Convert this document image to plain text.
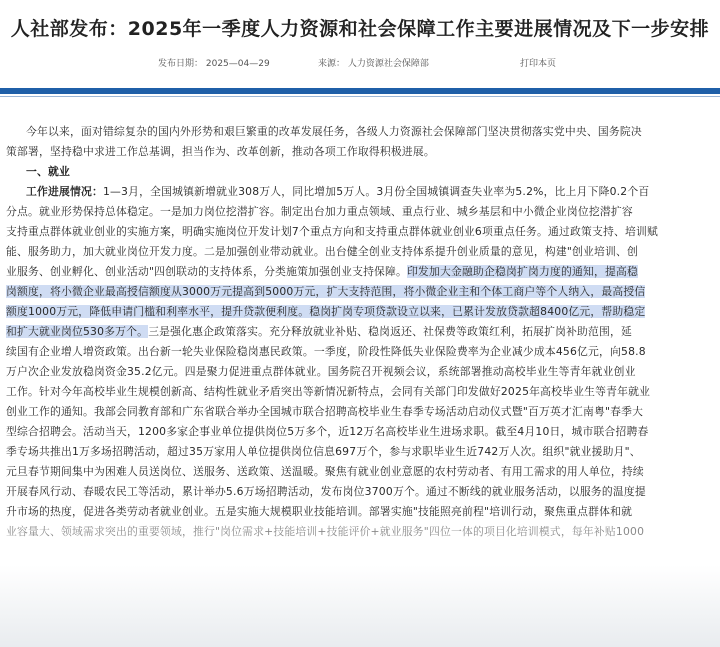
人社部发布：2025年一季度人力资源和社会保障工作主要进展情况及下一步安排
发布日期： 2025—04—29	来源： 人力资源社会保障部	打印本页
今年以来，面对错综复杂的国内外形势和艰巨繁重的改革发展任务，各级人力资源社会保障部门坚决贯彻落实党中央、国务院决
策部署，坚持稳中求进工作总基调，担当作为、改革创新，推动各项工作取得积极进展。
一、就业
工作进展情况：1—3月，全国城镇新增就业308万人，同比增加5万人。3月份全国城镇调查失业率为5.2%，比上月下降0.2个百
分点。就业形势保持总体稳定。一是加力岗位挖潜扩容。制定出台加力重点领域、重点行业、城乡基层和中小微企业岗位挖潜扩容
支持重点群体就业创业的实施方案，明确实施岗位开发计划7个重点方向和支持重点群体就业创业6项重点任务。通过政策支持、培训赋
能、服务助力，加大就业岗位开发力度。二是加强创业带动就业。出台健全创业支持体系提升创业质量的意见，构建"创业培训、创
业服务、创业孵化、创业活动"四创联动的支持体系，分类施策加强创业支持保障。印发加大金融助企稳岗扩岗力度的通知，提高稳
岗额度，将小微企业最高授信额度从3000万元提高到5000万元，扩大支持范围，将小微企业主和个体工商户等个人纳入，最高授信
额度1000万元，降低申请门槛和利率水平，提升贷款便利度。稳岗扩岗专项贷款设立以来，已累计发放贷款超8400亿元，帮助稳定
和扩大就业岗位530多万个。三是强化惠企政策落实。充分释放就业补贴、稳岗返还、社保费等政策红利，拓展扩岗补助范围，延
续国有企业增人增资政策。出台新一轮失业保险稳岗惠民政策。一季度，阶段性降低失业保险费率为企业减少成本456亿元，向58.8
万户次企业发放稳岗资金35.2亿元。四是聚力促进重点群体就业。国务院召开视频会议，系统部署推动高校毕业生等青年就业创业
工作。针对今年高校毕业生规模创新高、结构性就业矛盾突出等新情况新特点，会同有关部门印发做好2025年高校毕业生等青年就业
创业工作的通知。我部会同教育部和广东省联合举办全国城市联合招聘高校毕业生春季专场活动启动仪式暨"百万英才汇南粤"春季大
型综合招聘会。活动当天，1200多家企事业单位提供岗位5万多个，近12万名高校毕业生进场求职。截至4月10日，城市联合招聘春
季专场共推出1万多场招聘活动，超过35万家用人单位提供岗位信息697万个，参与求职毕业生近742万人次。组织"就业援助月"、
元旦春节期间集中为困难人员送岗位、送服务、送政策、送温暖。聚焦有就业创业意愿的农村劳动者、有用工需求的用人单位，持续
开展春风行动、春暖农民工等活动，累计举办5.6万场招聘活动，发布岗位3700万个。通过不断线的就业服务活动，以服务的温度提
升市场的热度，促进各类劳动者就业创业。五是实施大规模职业技能培训。部署实施"技能照亮前程"培训行动，聚焦重点群体和就
业容量大、领域需求突出的重要领域，推行"岗位需求+技能培训+技能评价+就业服务"四位一体的项目化培训模式，每年补贴1000
